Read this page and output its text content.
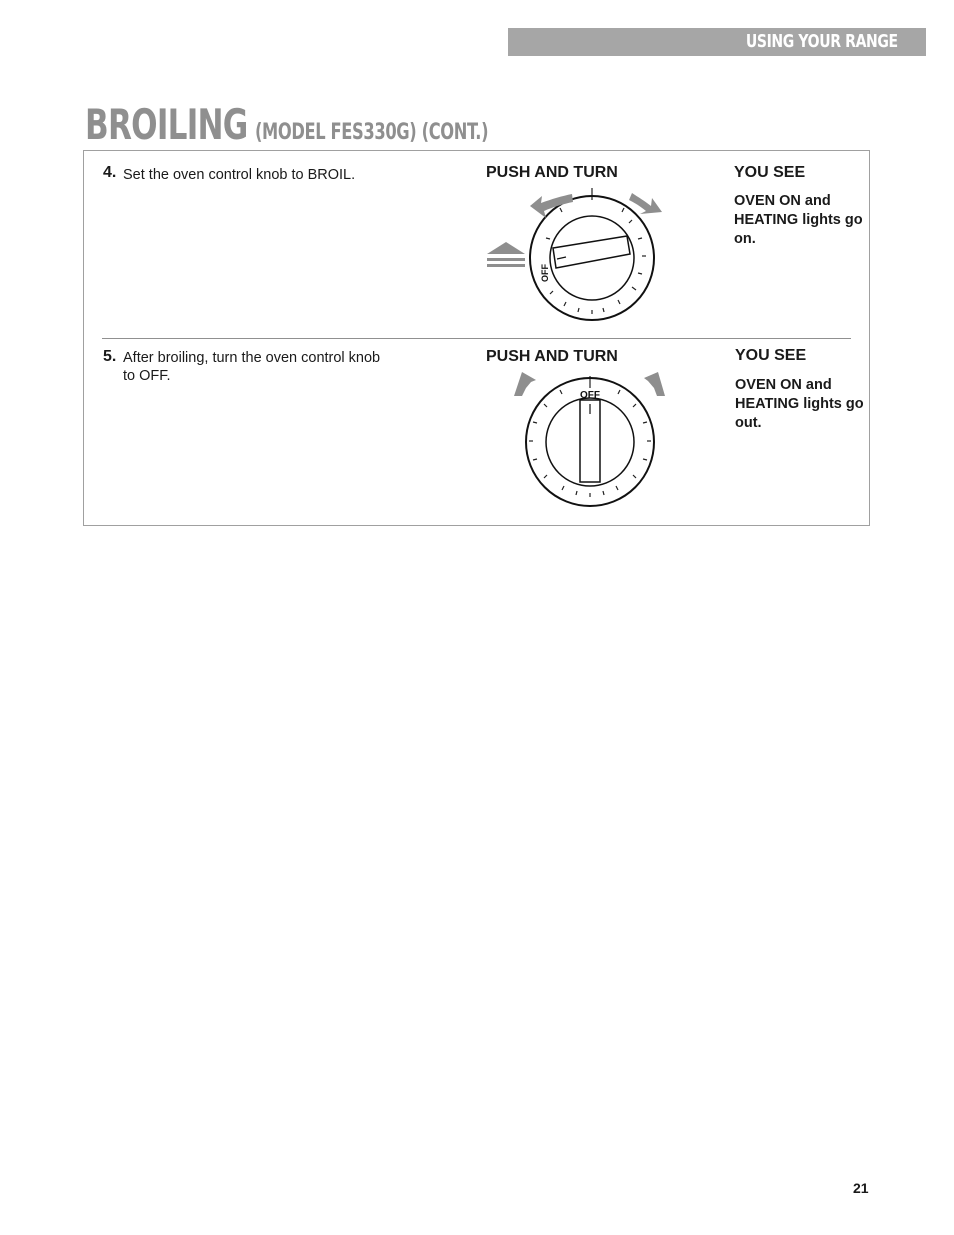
USING YOUR RANGE
BROILING (MODEL FES330G) (CONT.)
4. Set the oven control knob to BROIL.	PUSH AND TURN	YOU SEE
OVEN ON and HEATING lights go on.
OFF
5. After broiling, turn the oven control knob to OFF.
PUSH AND TURN	YOU SEE
OVEN ON and HEATING lights go out.
OFF
21
